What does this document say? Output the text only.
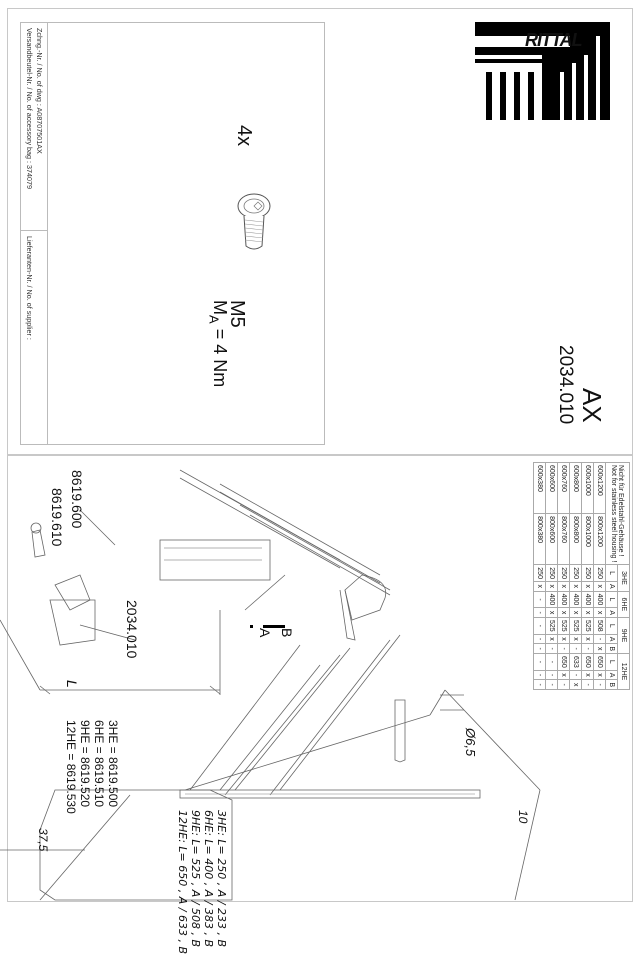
Zchng.-Nr. / No. of dwg : A08707501AX
Versandbeutel-Nr. / No. of accessory bag : 374079
Lieferanten-Nr. / No. of supplier :
RITTAL
AX
2034.010
4x
M5
$M_A = 4$ Nm
Nicht für Edelstahl-Gehäuse !
Not for stainless steel housing !		3HE		6HE		9HE			12HE		
		L	A	L	A	L	A	B	L	A	B
600x1200	800x1200	250	x	400	x	508	-	x	650	x	-
600x1000	800x1000	250	x	400	x	525	x	-	650	x	-
600x800	800x800	250	x	400	x	525	x	-	633	-	x
600x760	800x760	250	x	400	x	525	x	-	650	x	-
600x600	800x600	250	x	400	x	525	x	-	-	-	-
600x380	800x380	250	x	-	-	-	-	-	-	-	-
8619.600
8619.610
2034.010	B
A
L
Ø6,5
10
37,5
3HE = 8619.500
6HE = 8619.510
9HE = 8619.520
12HE = 8619.530
3HE: L= 250 , A / 233 , B
6HE: L= 400 , A / 383 , B
9HE: L= 525 , A / 508 , B
12HE: L= 650 , A / 633 , B
